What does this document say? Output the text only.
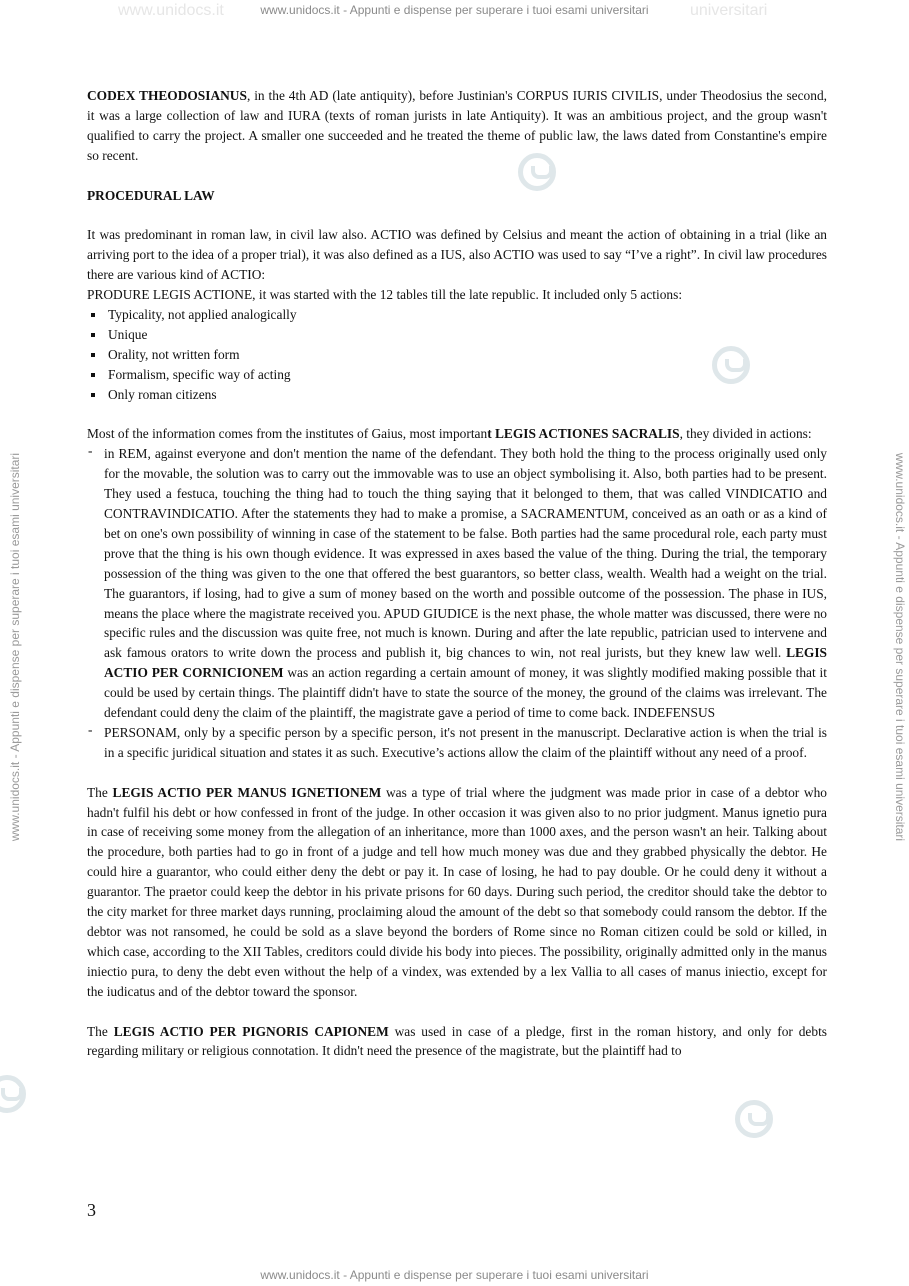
www.unidocs.it - Appunti e dispense per superare i tuoi esami universitari
www.unidocs.it	universitari
www.unidocs.it - Appunti e dispense per superare i tuoi esami universitari	www.unidocs.it - Appunti e dispense per superare i tuoi esami universitari

CODEX THEODOSIANUS, in the 4th AD (late antiquity), before Justinian's CORPUS IURIS CIVILIS, under Theodosius the second, it was a large collection of law and IURA (texts of roman jurists in late Antiquity). It was an ambitious project, and the group wasn't qualified to carry the project. A smaller one succeeded and he treated the theme of public law, the laws dated from Constantine's empire so recent.

PROCEDURAL LAW

It was predominant in roman law, in civil law also. ACTIO was defined by Celsius and meant the action of obtaining in a trial (like an arriving port to the idea of a proper trial), it was also defined as a IUS, also ACTIO was used to say “I’ve a right”. In civil law procedures there are various kind of ACTIO:

PRODURE LEGIS ACTIONE, it was started with the 12 tables till the late republic. It included only 5 actions:

Typicality, not applied analogically
Unique
Orality, not written form
Formalism, specific way of acting
Only roman citizens

Most of the information comes from the institutes of Gaius, most important LEGIS ACTIONES SACRALIS, they divided in actions:

- in REM, against everyone and don't mention the name of the defendant. They both hold the thing to the process originally used only for the movable, the solution was to carry out the immovable was to use an object symbolising it. Also, both parties had to be present. They used a festuca, touching the thing had to touch the thing saying that it belonged to them, that was called VINDICATIO and CONTRAVINDICATIO. After the statements they had to make a promise, a SACRAMENTUM, conceived as an oath or as a kind of bet on one's own possibility of winning in case of the statement to be false. Both parties had the same procedural role, each party must prove that the thing is his own though evidence. It was expressed in axes based the value of the thing. During the trial, the temporary possession of the thing was given to the one that offered the best guarantors, so better class, wealth. Wealth had a weight on the trial. The guarantors, if losing, had to give a sum of money based on the worth and possible outcome of the possession. The phase in IUS, means the place where the magistrate received you. APUD GIUDICE is the next phase, the whole matter was discussed, there were no specific rules and the discussion was quite free, not much is known. During and after the late republic, patrician used to intervene and ask famous orators to write down the process and publish it, big chances to win, not real jurists, but they knew law well. LEGIS ACTIO PER CORNICIONEM was an action regarding a certain amount of money, it was slightly modified making possible that it could be used by certain things. The plaintiff didn't have to state the source of the money, the ground of the claims was irrelevant. The defendant could deny the claim of the plaintiff, the magistrate gave a period of time to come back. INDEFENSUS
- PERSONAM, only by a specific person by a specific person, it's not present in the manuscript. Declarative action is when the trial is in a specific juridical situation and states it as such. Executive’s actions allow the claim of the plaintiff without any need of a proof.

The LEGIS ACTIO PER MANUS IGNETIONEM was a type of trial where the judgment was made prior in case of a debtor who hadn't fulfil his debt or how confessed in front of the judge. In other occasion it was given also to no prior judgment. Manus ignetio pura in case of receiving some money from the allegation of an inheritance, more than 1000 axes, and the person wasn't an heir. Talking about the procedure, both parties had to go in front of a judge and tell how much money was due and they grabbed physically the debtor. He could hire a guarantor, who could either deny the debt or pay it. In case of losing, he had to pay double. Or he could deny it without a guarantor. The praetor could keep the debtor in his private prisons for 60 days. During such period, the creditor should take the debtor to the city market for three market days running, proclaiming aloud the amount of the debt so that somebody could ransom the debtor. If the debtor was not ransomed, he could be sold as a slave beyond the borders of Rome since no Roman citizen could be sold or killed, in which case, according to the XII Tables, creditors could divide his body into pieces. The possibility, originally admitted only in the manus iniectio pura, to deny the debt even without the help of a vindex, was extended by a lex Vallia to all cases of manus iniectio, except for the iudicatus and of the debtor toward the sponsor.

The LEGIS ACTIO PER PIGNORIS CAPIONEM was used in case of a pledge, first in the roman history, and only for debts regarding military or religious connotation. It didn't need the presence of the magistrate, but the plaintiff had to

3
www.unidocs.it - Appunti e dispense per superare i tuoi esami universitari
